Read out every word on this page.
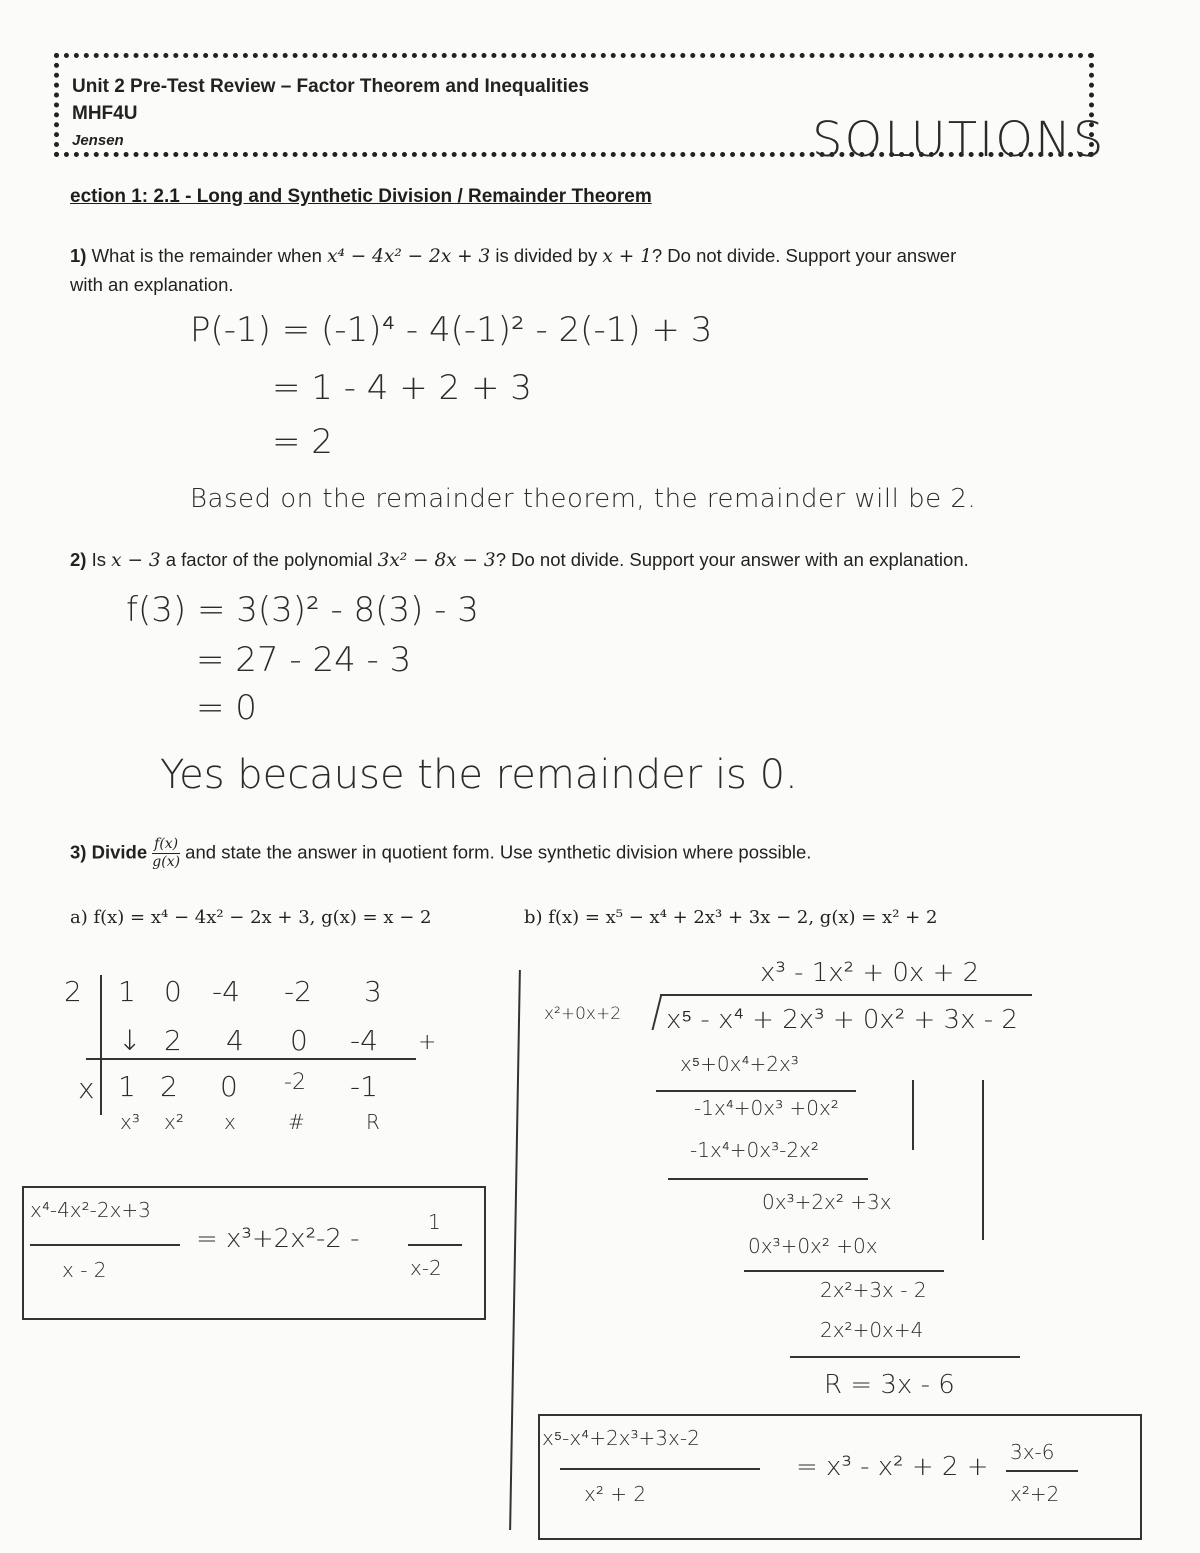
Unit 2 Pre-Test Review – Factor Theorem and Inequalities
MHF4U
Jensen	SOLUTIONS
ection 1: 2.1 - Long and Synthetic Division / Remainder Theorem
1) What is the remainder when x⁴ − 4x² − 2x + 3 is divided by x + 1? Do not divide. Support your answer
with an explanation.
P(-1) = (-1)⁴ - 4(-1)² - 2(-1) + 3
= 1 - 4 + 2 + 3
= 2
Based on the remainder theorem, the remainder will be 2.
2) Is x − 3 a factor of the polynomial 3x² − 8x − 3? Do not divide. Support your answer with an explanation.
f(3) = 3(3)² - 8(3) - 3
= 27 - 24 - 3
= 0
Yes because the remainder is 0.
3) Divide $\frac{f(x)}{g(x)}$ and state the answer in quotient form. Use synthetic division where possible.
a) f(x) = x⁴ − 4x² − 2x + 3, g(x) = x − 2	b) f(x) = x⁵ − x⁴ + 2x³ + 3x − 2, g(x) = x² + 2
2 1 0 -4 -2 3
↓ 2 4 0 -4 +
x 1 2 0 -2 -1
x³ x² x	#	R
x⁴-4x²-2x+3
x - 2
= x³+2x²-2 -
1
x-2
x³ - 1x² + 0x + 2
x²+0x+2 x⁵ - x⁴ + 2x³ + 0x² + 3x - 2
x⁵+0x⁴+2x³
-1x⁴+0x³ +0x²
-1x⁴+0x³-2x²
0x³+2x² +3x
0x³+0x² +0x
2x²+3x - 2
2x²+0x+4
R = 3x - 6
x⁵-x⁴+2x³+3x-2
x² + 2
= x³ - x² + 2 + 3x-6
x²+2
